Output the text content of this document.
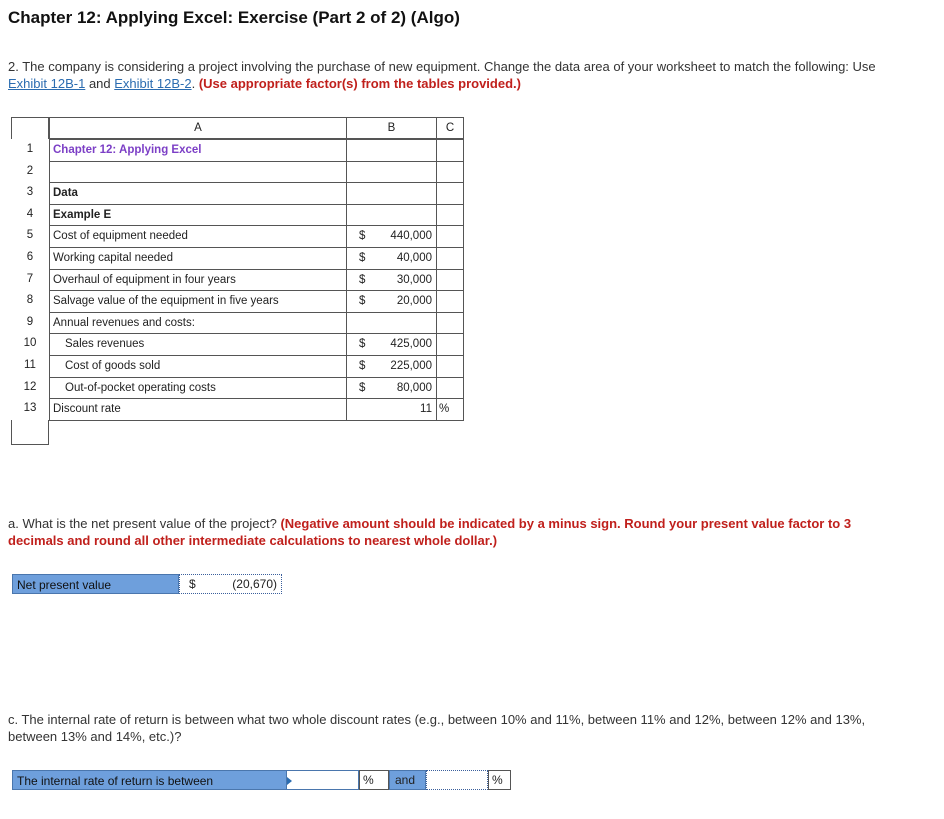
Chapter 12: Applying Excel: Exercise (Part 2 of 2) (Algo)
2. The company is considering a project involving the purchase of new equipment. Change the data area of your worksheet to match the following: Use Exhibit 12B-1 and Exhibit 12B-2. (Use appropriate factor(s) from the tables provided.)
A	B	C
1	Chapter 12: Applying Excel
2
3	Data
4	Example E
5	Cost of equipment needed	$ 440,000
6	Working capital needed	$	40,000
7	Overhaul of equipment in four years	$	30,000
8	Salvage value of the equipment in five years	$	20,000
9	Annual revenues and costs:
10	Sales revenues	$ 425,000
11	Cost of goods sold	$ 225,000
12	Out-of-pocket operating costs	$	80,000
13	Discount rate	11 %
a. What is the net present value of the project? (Negative amount should be indicated by a minus sign. Round your present value factor to 3 decimals and round all other intermediate calculations to nearest whole dollar.)
Net present value	$	(20,670)
c. The internal rate of return is between what two whole discount rates (e.g., between 10% and 11%, between 11% and 12%, between 12% and 13%, between 13% and 14%, etc.)?
The internal rate of return is between	%	and	%
